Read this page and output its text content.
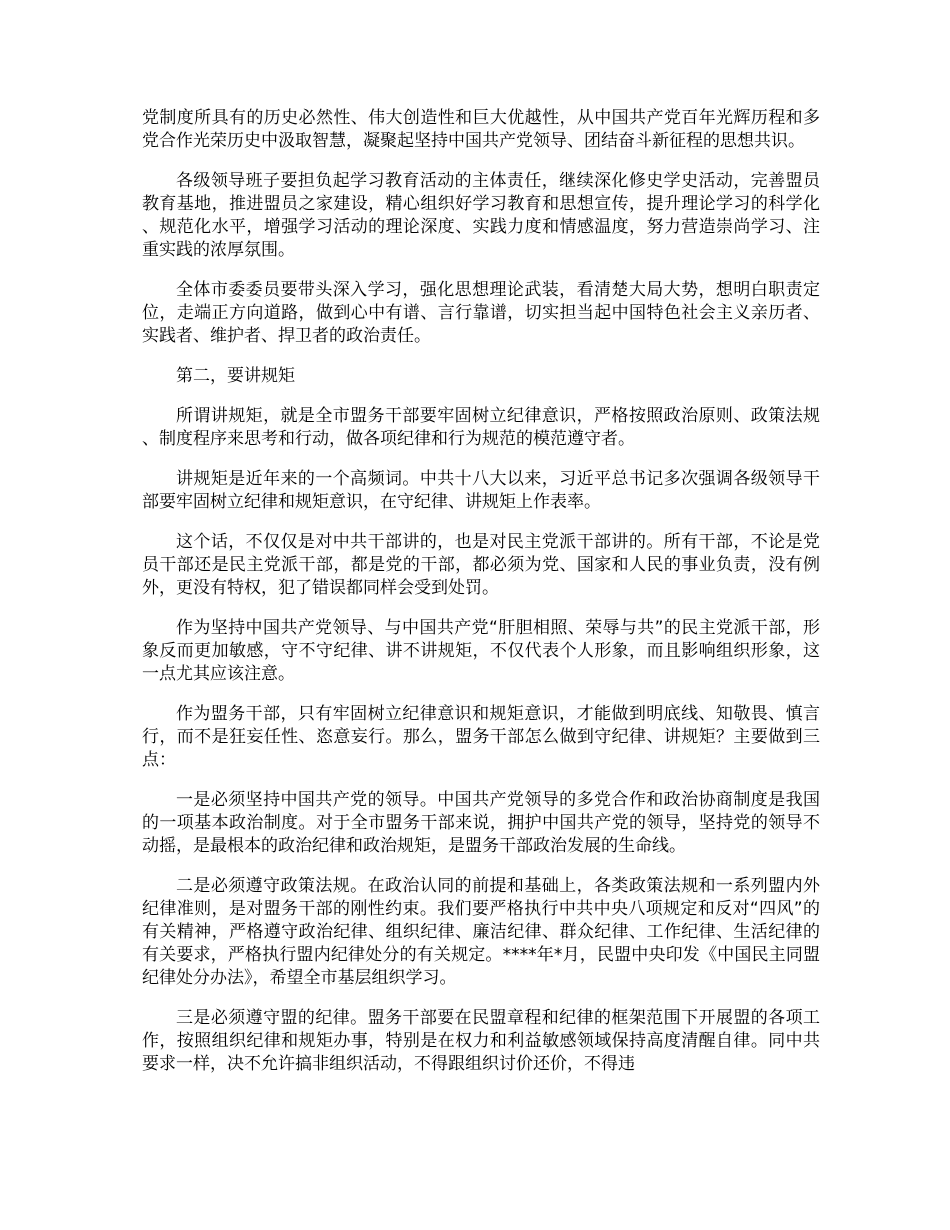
党制度所具有的历史必然性、伟大创造性和巨大优越性，从中国共产党百年光辉历程和多党合作光荣历史中汲取智慧，凝聚起坚持中国共产党领导、团结奋斗新征程的思想共识。

各级领导班子要担负起学习教育活动的主体责任，继续深化修史学史活动，完善盟员教育基地，推进盟员之家建设，精心组织好学习教育和思想宣传，提升理论学习的科学化、规范化水平，增强学习活动的理论深度、实践力度和情感温度，努力营造崇尚学习、注重实践的浓厚氛围。

全体市委委员要带头深入学习，强化思想理论武装，看清楚大局大势，想明白职责定位，走端正方向道路，做到心中有谱、言行靠谱，切实担当起中国特色社会主义亲历者、实践者、维护者、捍卫者的政治责任。

第二，要讲规矩

所谓讲规矩，就是全市盟务干部要牢固树立纪律意识，严格按照政治原则、政策法规、制度程序来思考和行动，做各项纪律和行为规范的模范遵守者。

讲规矩是近年来的一个高频词。中共十八大以来，习近平总书记多次强调各级领导干部要牢固树立纪律和规矩意识，在守纪律、讲规矩上作表率。

这个话，不仅仅是对中共干部讲的，也是对民主党派干部讲的。所有干部，不论是党员干部还是民主党派干部，都是党的干部，都必须为党、国家和人民的事业负责，没有例外，更没有特权，犯了错误都同样会受到处罚。

作为坚持中国共产党领导、与中国共产党“肝胆相照、荣辱与共”的民主党派干部，形象反而更加敏感，守不守纪律、讲不讲规矩，不仅代表个人形象，而且影响组织形象，这一点尤其应该注意。

作为盟务干部，只有牢固树立纪律意识和规矩意识，才能做到明底线、知敬畏、慎言行，而不是狂妄任性、恣意妄行。那么，盟务干部怎么做到守纪律、讲规矩？主要做到三点：

一是必须坚持中国共产党的领导。中国共产党领导的多党合作和政治协商制度是我国的一项基本政治制度。对于全市盟务干部来说，拥护中国共产党的领导，坚持党的领导不动摇，是最根本的政治纪律和政治规矩，是盟务干部政治发展的生命线。

二是必须遵守政策法规。在政治认同的前提和基础上，各类政策法规和一系列盟内外纪律准则，是对盟务干部的刚性约束。我们要严格执行中共中央八项规定和反对“四风”的有关精神，严格遵守政治纪律、组织纪律、廉洁纪律、群众纪律、工作纪律、生活纪律的有关要求，严格执行盟内纪律处分的有关规定。****年*月，民盟中央印发《中国民主同盟纪律处分办法》，希望全市基层组织学习。

三是必须遵守盟的纪律。盟务干部要在民盟章程和纪律的框架范围下开展盟的各项工作，按照组织纪律和规矩办事，特别是在权力和利益敏感领域保持高度清醒自律。同中共要求一样，决不允许搞非组织活动，不得跟组织讨价还价，不得违
